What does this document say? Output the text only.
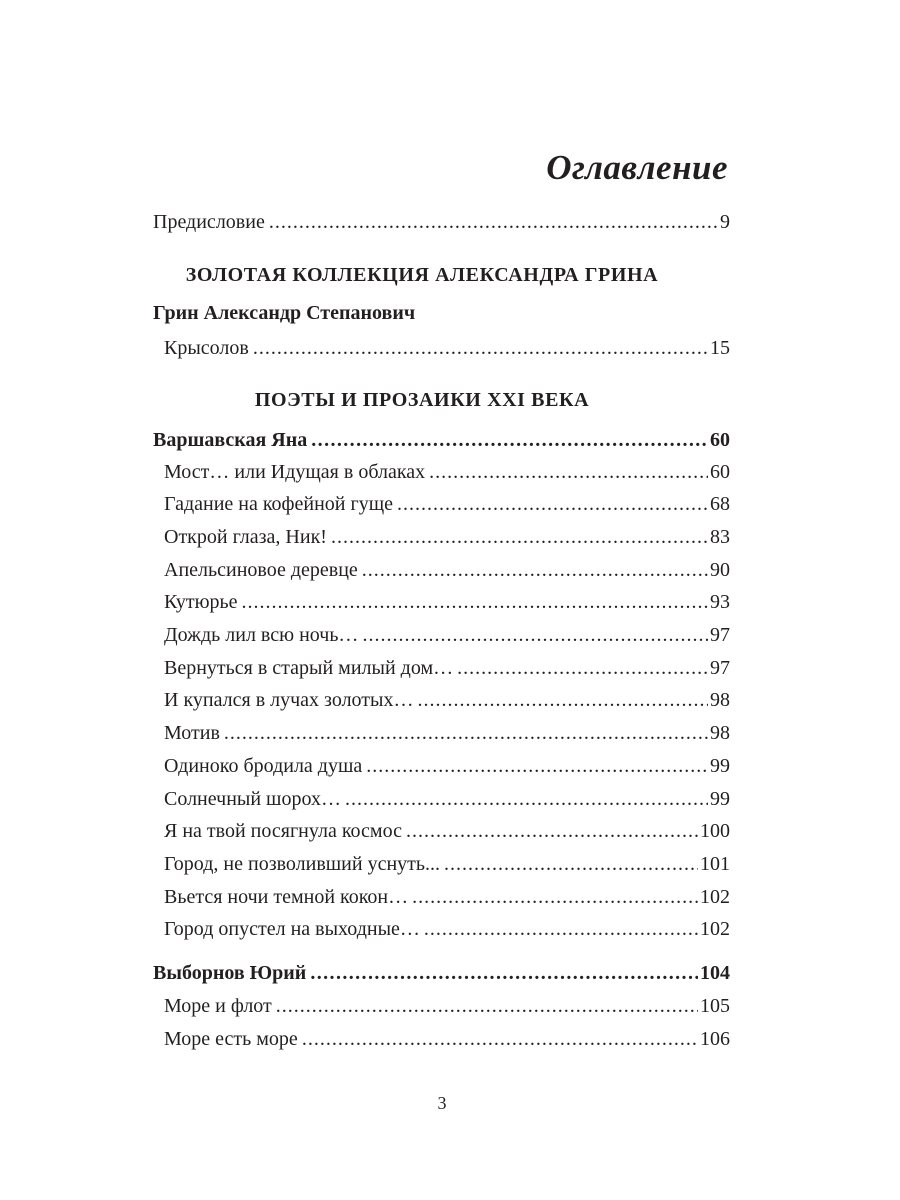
Оглавление
Предисловие .....	9
ЗОЛОТАЯ КОЛЛЕКЦИЯ АЛЕКСАНДРА ГРИНА
Грин Александр Степанович
Крысолов .....	15
ПОЭТЫ И ПРОЗАИКИ XXI ВЕКА
Варшавская Яна .....	60
Мост… или Идущая в облаках .....	60
Гадание на кофейной гуще .....	68
Открой глаза, Ник! .....	83
Апельсиновое деревце .....	90
Кутюрье .....	93
Дождь лил всю ночь… .....	97
Вернуться в старый милый дом… .....	97
И купался в лучах золотых… .....	98
Мотив .....	98
Одиноко бродила душа .....	99
Солнечный шорох… .....	99
Я на твой посягнула космос .....	100
Город, не позволивший уснуть... .....	101
Вьется ночи темной кокон… .....	102
Город опустел на выходные… .....	102
Выборнов Юрий .....	104
Море и флот .....	105
Море есть море .....	106
3
